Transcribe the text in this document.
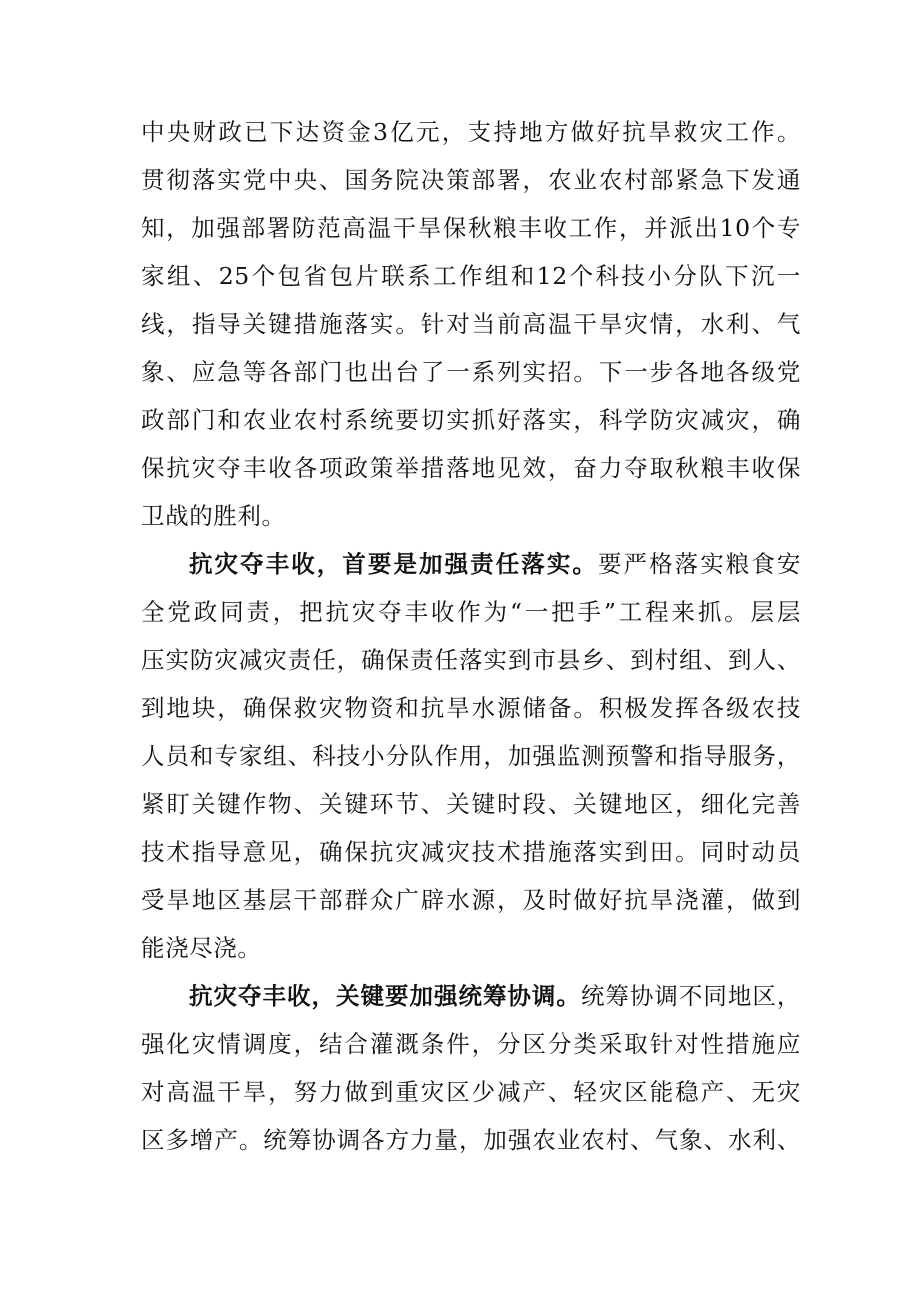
中央财政已下达资金3亿元，支持地方做好抗旱救灾工作。
贯彻落实党中央、国务院决策部署，农业农村部紧急下发通
知，加强部署防范高温干旱保秋粮丰收工作，并派出10个专
家组、25个包省包片联系工作组和12个科技小分队下沉一
线，指导关键措施落实。针对当前高温干旱灾情，水利、气
象、应急等各部门也出台了一系列实招。下一步各地各级党
政部门和农业农村系统要切实抓好落实，科学防灾减灾，确
保抗灾夺丰收各项政策举措落地见效，奋力夺取秋粮丰收保
卫战的胜利。
抗灾夺丰收，首要是加强责任落实。要严格落实粮食安
全党政同责，把抗灾夺丰收作为“一把手”工程来抓。层层
压实防灾减灾责任，确保责任落实到市县乡、到村组、到人、
到地块，确保救灾物资和抗旱水源储备。积极发挥各级农技
人员和专家组、科技小分队作用，加强监测预警和指导服务，
紧盯关键作物、关键环节、关键时段、关键地区，细化完善
技术指导意见，确保抗灾减灾技术措施落实到田。同时动员
受旱地区基层干部群众广辟水源，及时做好抗旱浇灌，做到
能浇尽浇。
抗灾夺丰收，关键要加强统筹协调。统筹协调不同地区，
强化灾情调度，结合灌溉条件，分区分类采取针对性措施应
对高温干旱，努力做到重灾区少减产、轻灾区能稳产、无灾
区多增产。统筹协调各方力量，加强农业农村、气象、水利、
